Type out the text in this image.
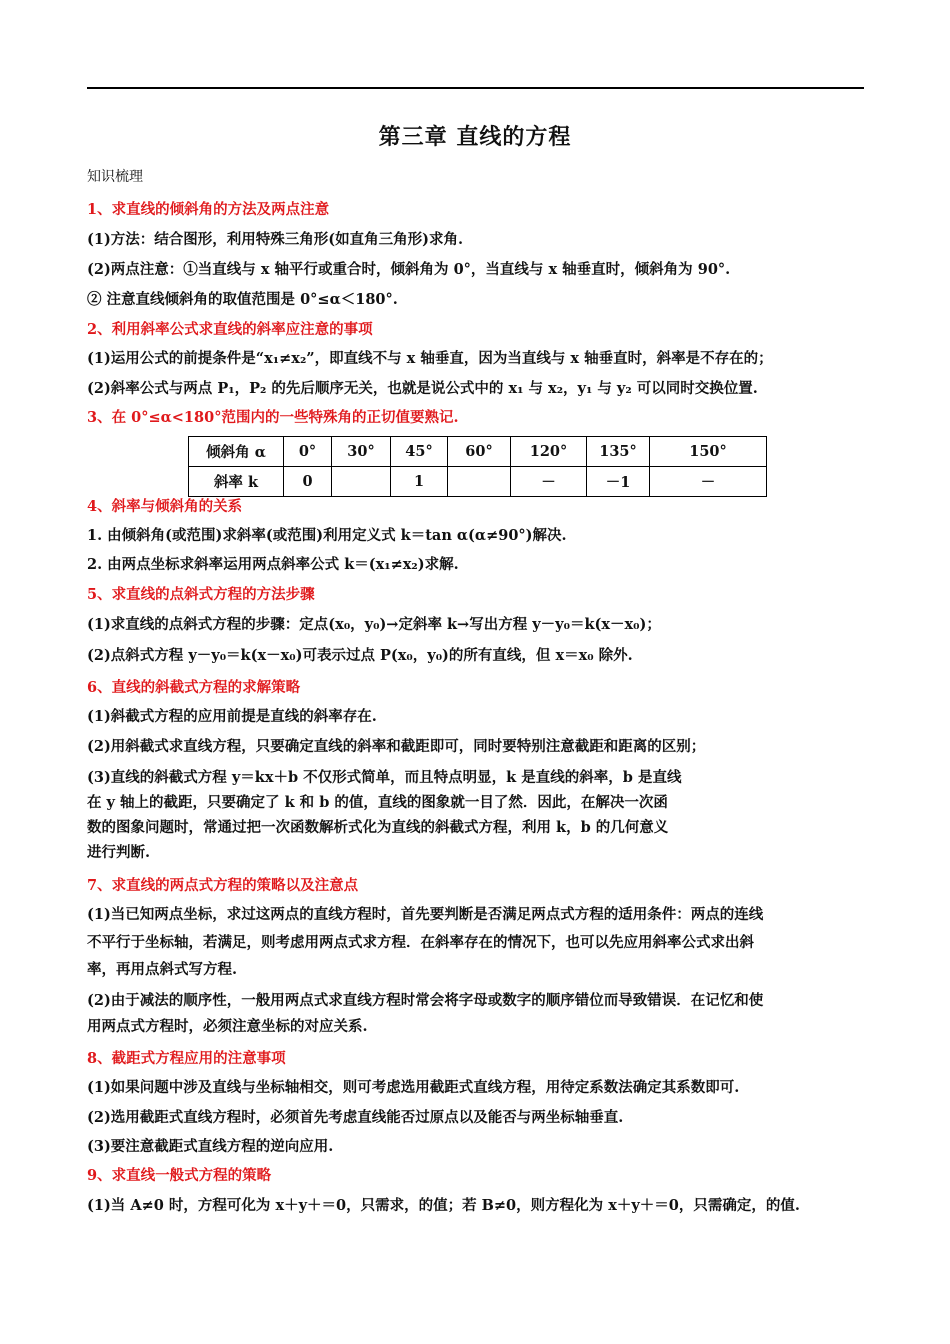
第三章 直线的方程
知识梳理
1、求直线的倾斜角的方法及两点注意
(1)方法：结合图形，利用特殊三角形(如直角三角形)求角.
(2)两点注意：①当直线与 x 轴平行或重合时，倾斜角为 0°，当直线与 x 轴垂直时，倾斜角为 90°.
② 注意直线倾斜角的取值范围是 0°≤α＜180°.
2、利用斜率公式求直线的斜率应注意的事项
(1)运用公式的前提条件是“x₁≠x₂”，即直线不与 x 轴垂直，因为当直线与 x 轴垂直时，斜率是不存在的；
(2)斜率公式与两点 P₁，P₂ 的先后顺序无关，也就是说公式中的 x₁ 与 x₂，y₁ 与 y₂ 可以同时交换位置.
3、在 0°≤α<180°范围内的一些特殊角的正切值要熟记.
倾斜角 α	0°	30°	45°	60°	120°	135°	150°
斜率 k	0		1		－	－1	－
4、斜率与倾斜角的关系
1. 由倾斜角(或范围)求斜率(或范围)利用定义式 k＝tan α(α≠90°)解决.
2. 由两点坐标求斜率运用两点斜率公式 k＝(x₁≠x₂)求解.
5、求直线的点斜式方程的方法步骤
(1)求直线的点斜式方程的步骤：定点(x₀，y₀)→定斜率 k→写出方程 y－y₀＝k(x－x₀)；
(2)点斜式方程 y－y₀＝k(x－x₀)可表示过点 P(x₀，y₀)的所有直线，但 x＝x₀ 除外.
6、直线的斜截式方程的求解策略
(1)斜截式方程的应用前提是直线的斜率存在.
(2)用斜截式求直线方程，只要确定直线的斜率和截距即可，同时要特别注意截距和距离的区别；
(3)直线的斜截式方程 y＝kx＋b 不仅形式简单，而且特点明显，k 是直线的斜率，b 是直线
在 y 轴上的截距，只要确定了 k 和 b 的值，直线的图象就一目了然．因此，在解决一次函
数的图象问题时，常通过把一次函数解析式化为直线的斜截式方程，利用 k，b 的几何意义
进行判断.
7、求直线的两点式方程的策略以及注意点
(1)当已知两点坐标，求过这两点的直线方程时，首先要判断是否满足两点式方程的适用条件：两点的连线
不平行于坐标轴，若满足，则考虑用两点式求方程．在斜率存在的情况下，也可以先应用斜率公式求出斜
率，再用点斜式写方程.
(2)由于减法的顺序性，一般用两点式求直线方程时常会将字母或数字的顺序错位而导致错误．在记忆和使
用两点式方程时，必须注意坐标的对应关系.
8、截距式方程应用的注意事项
(1)如果问题中涉及直线与坐标轴相交，则可考虑选用截距式直线方程，用待定系数法确定其系数即可.
(2)选用截距式直线方程时，必须首先考虑直线能否过原点以及能否与两坐标轴垂直.
(3)要注意截距式直线方程的逆向应用.
9、求直线一般式方程的策略
(1)当 A≠0 时，方程可化为 x＋y＋＝0，只需求，的值；若 B≠0，则方程化为 x＋y＋＝0，只需确定，的值.
